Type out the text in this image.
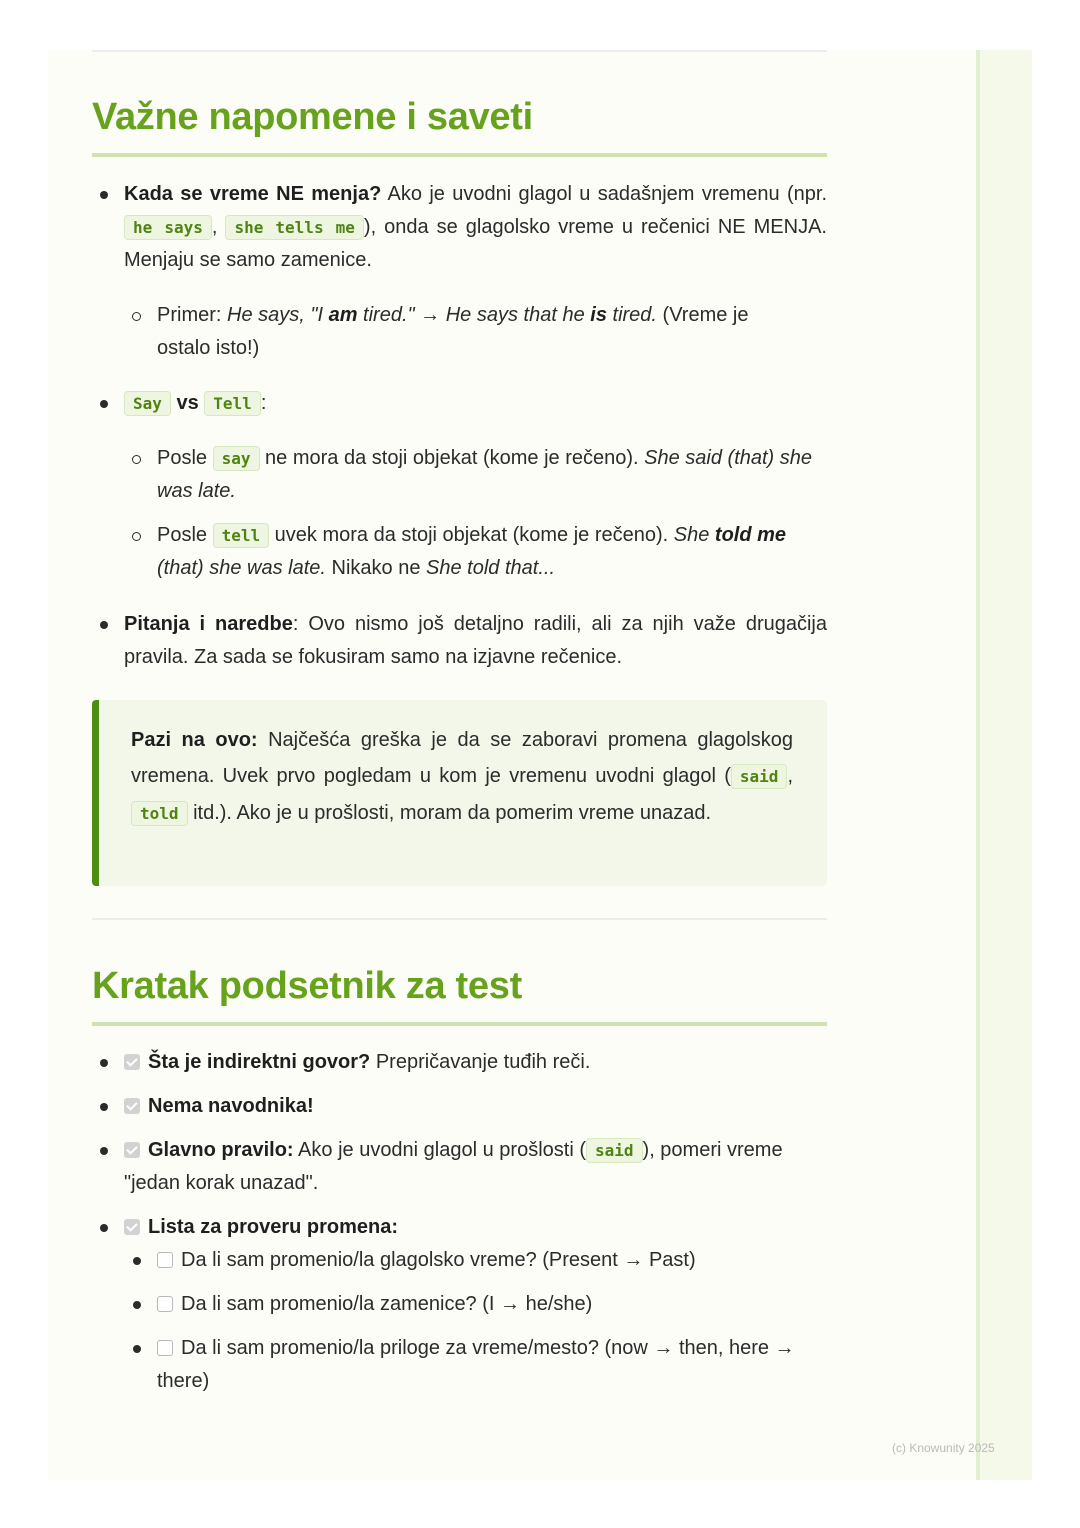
Važne napomene i saveti
Kada se vreme NE menja? Ako je uvodni glagol u sadašnjem vremenu (npr. he says , she tells me ), onda se glagolsko vreme u rečenici NE MENJA. Menjaju se samo zamenice.
Primer: He says, "I am tired." → He says that he is tired. (Vreme je ostalo isto!)
Say vs Tell :
Posle say ne mora da stoji objekat (kome je rečeno). She said (that) she was late.
Posle tell uvek mora da stoji objekat (kome je rečeno). She told me (that) she was late. Nikako ne She told that...
Pitanja i naredbe: Ovo nismo još detaljno radili, ali za njih važe drugačija pravila. Za sada se fokusiram samo na izjavne rečenice.
Pazi na ovo: Najčešća greška je da se zaboravi promena glagolskog vremena. Uvek prvo pogledam u kom je vremenu uvodni glagol ( said , told itd.). Ako je u prošlosti, moram da pomerim vreme unazad.
Kratak podsetnik za test
Šta je indirektni govor? Prepričavanje tuđih reči.
Nema navodnika!
Glavno pravilo: Ako je uvodni glagol u prošlosti ( said ), pomeri vreme "jedan korak unazad".
Lista za proveru promena:
Da li sam promenio/la glagolsko vreme? (Present → Past)
Da li sam promenio/la zamenice? (I → he/she)
Da li sam promenio/la priloge za vreme/mesto? (now → then, here → there)
(c) Knowunity 2025
